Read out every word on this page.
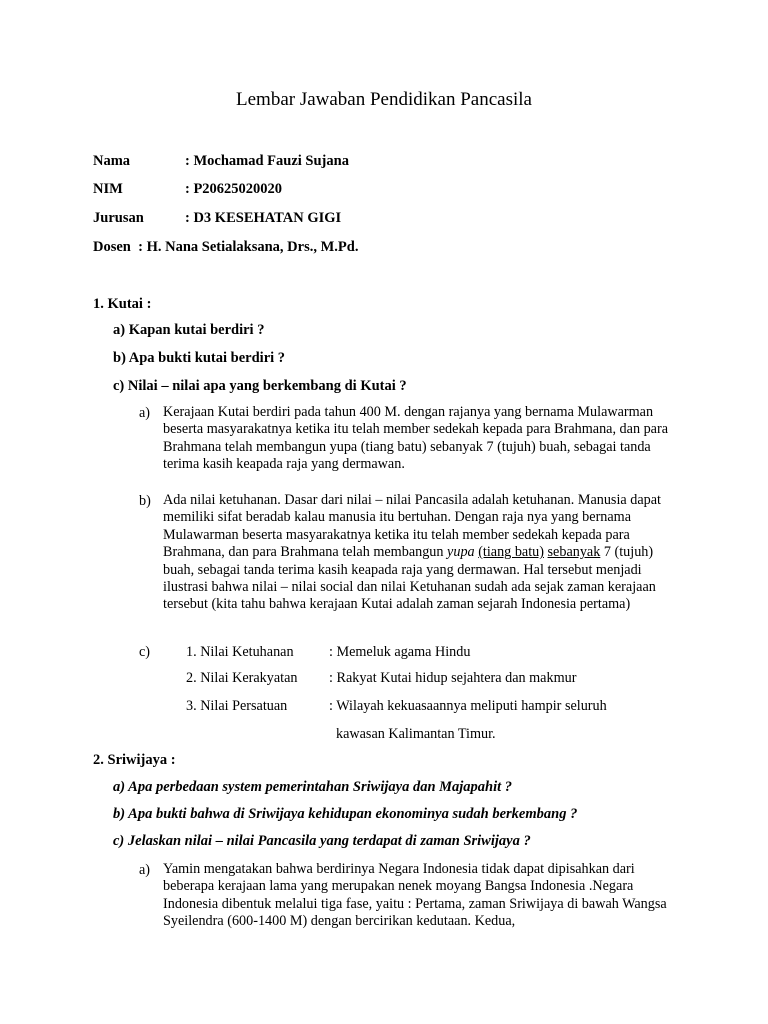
Lembar Jawaban Pendidikan Pancasila
Nama	: Mochamad Fauzi Sujana
NIM	: P20625020020
Jurusan	: D3 KESEHATAN GIGI
Dosen  : H. Nana Setialaksana, Drs., M.Pd.
1. Kutai :
a) Kapan kutai berdiri ?
b) Apa bukti kutai berdiri ?
c) Nilai – nilai apa yang berkembang di Kutai ?
a) Kerajaan Kutai berdiri pada tahun 400 M. dengan rajanya yang bernama Mulawarman beserta masyarakatnya ketika itu telah member sedekah kepada para Brahmana, dan para Brahmana telah membangun yupa (tiang batu) sebanyak 7 (tujuh) buah, sebagai tanda terima kasih keapada raja yang dermawan.
b) Ada nilai ketuhanan. Dasar dari nilai – nilai Pancasila adalah ketuhanan. Manusia dapat memiliki sifat beradab kalau manusia itu bertuhan. Dengan raja nya yang bernama Mulawarman beserta masyarakatnya ketika itu telah member sedekah kepada para Brahmana, dan para Brahmana telah membangun yupa (tiang batu) sebanyak 7 (tujuh) buah, sebagai tanda terima kasih keapada raja yang dermawan. Hal tersebut menjadi ilustrasi bahwa nilai – nilai social dan nilai Ketuhanan sudah ada sejak zaman kerajaan tersebut (kita tahu bahwa kerajaan Kutai adalah zaman sejarah Indonesia pertama)
c)	1. Nilai Ketuhanan : Memeluk agama Hindu
2. Nilai Kerakyatan : Rakyat Kutai hidup sejahtera dan makmur
3. Nilai Persatuan	: Wilayah kekuasaannya meliputi hampir seluruh
kawasan Kalimantan Timur.
2. Sriwijaya :
a) Apa perbedaan system pemerintahan Sriwijaya dan Majapahit ?
b) Apa bukti bahwa di Sriwijaya kehidupan ekonominya sudah berkembang ?
c) Jelaskan nilai – nilai Pancasila yang terdapat di zaman Sriwijaya ?
a) Yamin mengatakan bahwa berdirinya Negara Indonesia tidak dapat dipisahkan dari beberapa kerajaan lama yang merupakan nenek moyang Bangsa Indonesia .Negara Indonesia dibentuk melalui tiga fase, yaitu : Pertama, zaman Sriwijaya di bawah Wangsa Syeilendra (600-1400 M) dengan bercirikan kedutaan. Kedua,
